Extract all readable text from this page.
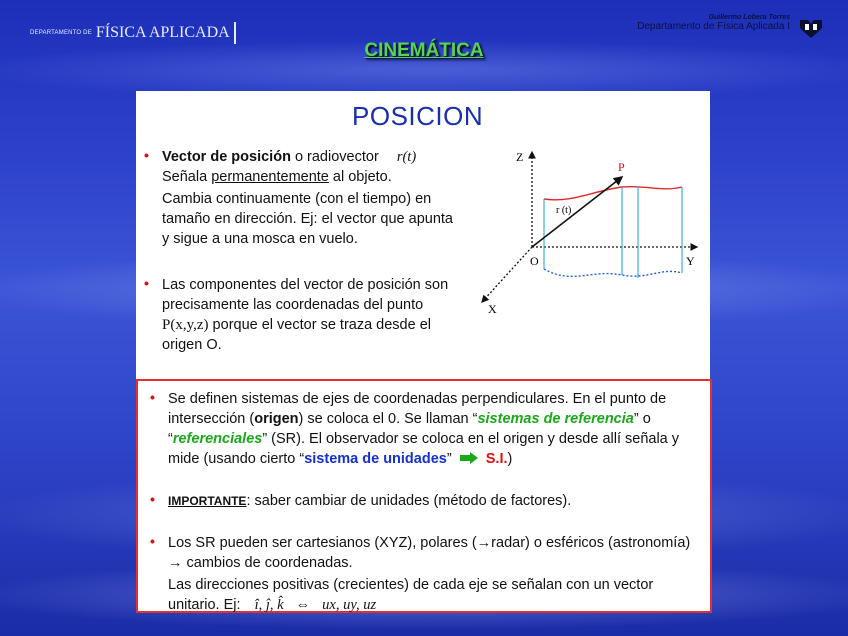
DEPARTAMENTO DE FÍSICA APLICADA
Guillermo Lobera Torres
Departamento de Física Aplicada I
CINEMÁTICA
POSICION
• Vector de posición o radiovector r(t)
Señala permanentemente al objeto.
Cambia continuamente (con el tiempo) en tamaño en dirección. Ej: el vector que apunta y sigue a una mosca en vuelo.
• Las componentes del vector de posición son precisamente las coordenadas del punto P(x,y,z) porque el vector se traza desde el origen O.
Z
Y
X
O
P
r (t)
• Se definen sistemas de ejes de coordenadas perpendiculares. En el punto de intersección (origen) se coloca el 0. Se llaman “sistemas de referencia” o “referenciales” (SR). El observador se coloca en el origen y desde allí señala y mide (usando cierto “sistema de unidades” S.I.)
• IMPORTANTE: saber cambiar de unidades (método de factores).
• Los SR pueden ser cartesianos (XYZ), polares (→radar) o esféricos (astronomía) → cambios de coordenadas.
Las direcciones positivas (crecientes) de cada eje se señalan con un vector unitario. Ej: î, ĵ, k̂ ⇔ ux, uy, uz
